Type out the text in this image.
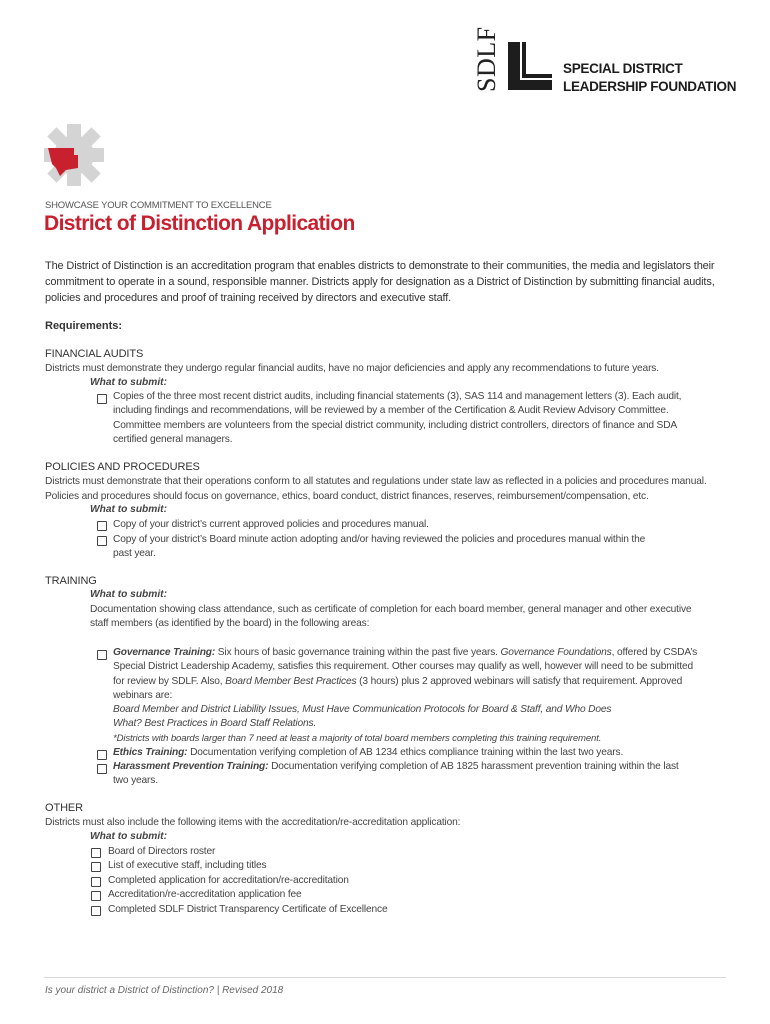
SDLF	SPECIAL DISTRICT
LEADERSHIP FOUNDATION
SHOWCASE YOUR COMMITMENT TO EXCELLENCE
District of Distinction Application
The District of Distinction is an accreditation program that enables districts to demonstrate to their communities, the media and legislators their commitment to operate in a sound, responsible manner. Districts apply for designation as a District of Distinction by submitting financial audits, policies and procedures and proof of training received by directors and executive staff.
Requirements:
FINANCIAL AUDITS
Districts must demonstrate they undergo regular financial audits, have no major deficiencies and apply any recommendations to future years.
What to submit:
Copies of the three most recent district audits, including financial statements (3), SAS 114 and management letters (3). Each audit, including findings and recommendations, will be reviewed by a member of the Certification & Audit Review Advisory Committee. Committee members are volunteers from the special district community, including district controllers, directors of finance and SDA certified general managers.
POLICIES AND PROCEDURES
Districts must demonstrate that their operations conform to all statutes and regulations under state law as reflected in a policies and procedures manual. Policies and procedures should focus on governance, ethics, board conduct, district finances, reserves, reimbursement/compensation, etc.
What to submit:
Copy of your district’s current approved policies and procedures manual.
Copy of your district’s Board minute action adopting and/or having reviewed the policies and procedures manual within the past year.
TRAINING
What to submit:
Documentation showing class attendance, such as certificate of completion for each board member, general manager and other executive staff members (as identified by the board) in the following areas:
Governance Training: Six hours of basic governance training within the past five years. Governance Foundations, offered by CSDA’s Special District Leadership Academy, satisfies this requirement. Other courses may qualify as well, however will need to be submitted for review by SDLF. Also, Board Member Best Practices (3 hours) plus 2 approved webinars will satisfy that requirement. Approved webinars are:
Board Member and District Liability Issues, Must Have Communication Protocols for Board & Staff, and Who Does What? Best Practices in Board Staff Relations.
*Districts with boards larger than 7 need at least a majority of total board members completing this training requirement.
Ethics Training: Documentation verifying completion of AB 1234 ethics compliance training within the last two years.
Harassment Prevention Training: Documentation verifying completion of AB 1825 harassment prevention training within the last two years.
OTHER
Districts must also include the following items with the accreditation/re-accreditation application:
What to submit:
Board of Directors roster
List of executive staff, including titles
Completed application for accreditation/re-accreditation
Accreditation/re-accreditation application fee
Completed SDLF District Transparency Certificate of Excellence
Is your district a District of Distinction? | Revised 2018
